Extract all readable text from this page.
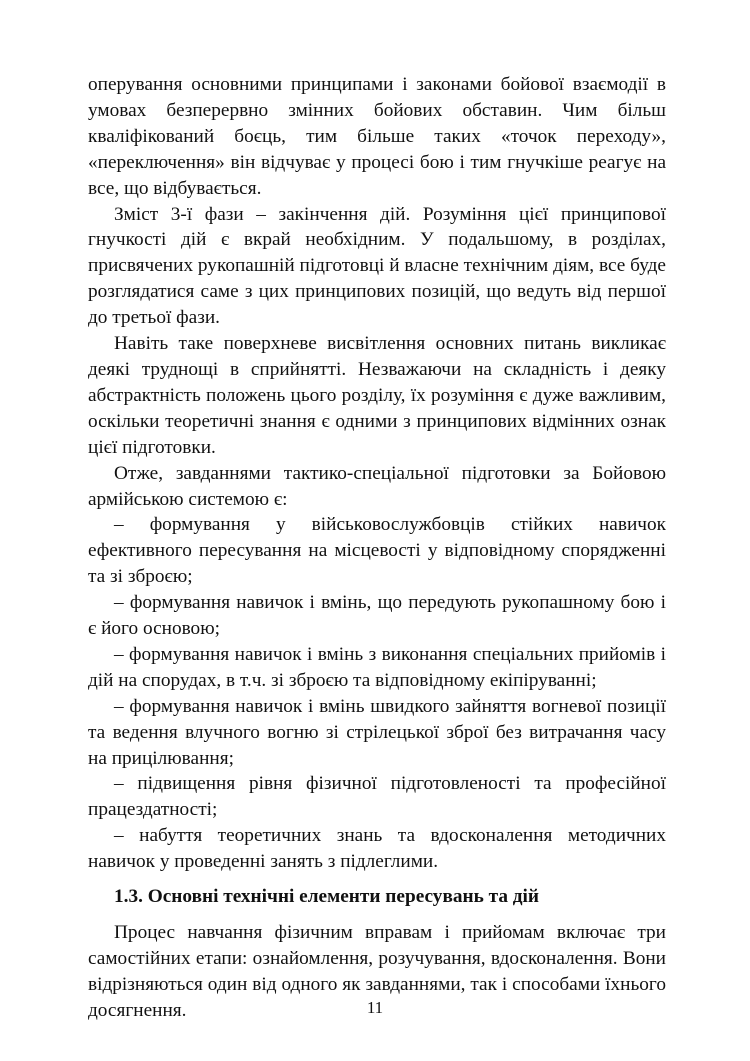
оперування основними принципами і законами бойової взаємодії в умовах безперервно змінних бойових обставин. Чим більш кваліфікований боєць, тим більше таких «точок переходу», «переключення» він відчуває у процесі бою і тим гнучкіше реагує на все, що відбувається.

Зміст 3-ї фази – закінчення дій. Розуміння цієї принципової гнучкості дій є вкрай необхідним. У подальшому, в розділах, присвячених рукопашній підготовці й власне технічним діям, все буде розглядатися саме з цих принципових позицій, що ведуть від першої до третьої фази.

Навіть таке поверхневе висвітлення основних питань викликає деякі труднощі в сприйнятті. Незважаючи на складність і деяку абстрактність положень цього розділу, їх розуміння є дуже важливим, оскільки теоретичні знання є одними з принципових відмінних ознак цієї підготовки.

Отже, завданнями тактико-спеціальної підготовки за Бойовою армійською системою є:

– формування у військовослужбовців стійких навичок ефективного пересування на місцевості у відповідному спорядженні та зі зброєю;
– формування навичок і вмінь, що передують рукопашному бою і є його основою;
– формування навичок і вмінь з виконання спеціальних прийомів і дій на спорудах, в т.ч. зі зброєю та відповідному екіпіруванні;
– формування навичок і вмінь швидкого зайняття вогневої позиції та ведення влучного вогню зі стрілецької зброї без витрачання часу на прицілювання;
– підвищення рівня фізичної підготовленості та професійної працездатності;
– набуття теоретичних знань та вдосконалення методичних навичок у проведенні занять з підлеглими.
1.3. Основні технічні елементи пересувань та дій

Процес навчання фізичним вправам і прийомам включає три самостійних етапи: ознайомлення, розучування, вдосконалення. Вони відрізняються один від одного як завданнями, так і способами їхнього досягнення.	11
